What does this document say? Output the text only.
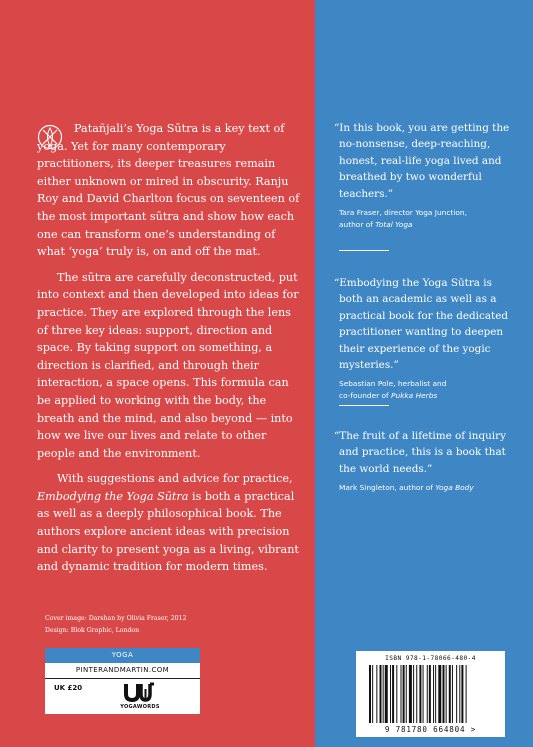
Patañjali’s Yoga Sūtra is a key text of yoga. Yet for many contemporary practitioners, its deeper treasures remain either unknown or mired in obscurity. Ranju Roy and David Charlton focus on seventeen of the most important sūtra and show how each one can transform one’s understanding of what ‘yoga’ truly is, on and off the mat.

The sūtra are carefully deconstructed, put into context and then developed into ideas for practice. They are explored through the lens of three key ideas: support, direction and space. By taking support on something, a direction is clarified, and through their interaction, a space opens. This formula can be applied to working with the body, the breath and the mind, and also beyond — into how we live our lives and relate to other people and the environment.

With suggestions and advice for practice, Embodying the Yoga Sūtra is both a practical as well as a deeply philosophical book. The authors explore ancient ideas with precision and clarity to present yoga as a living, vibrant and dynamic tradition for modern times.

Cover image: Darshan by Olivia Fraser, 2012
Design: Blok Graphic, London
YOGA
PINTERANDMARTIN.COM
UK £20
YOGAWORDS

“In this book, you are getting the no-nonsense, deep-reaching, honest, real-life yoga lived and breathed by two wonderful teachers.”

Tara Fraser, director Yoga Junction,
author of Total Yoga

“Embodying the Yoga Sūtra is both an academic as well as a practical book for the dedicated practitioner wanting to deepen their experience of the yogic mysteries.”

Sebastian Pole, herbalist and
co-founder of Pukka Herbs

“The fruit of a lifetime of inquiry and practice, this is a book that the world needs.”

Mark Singleton, author of Yoga Body
ISBN 978-1-78066-480-4
9 781780 664804 >
